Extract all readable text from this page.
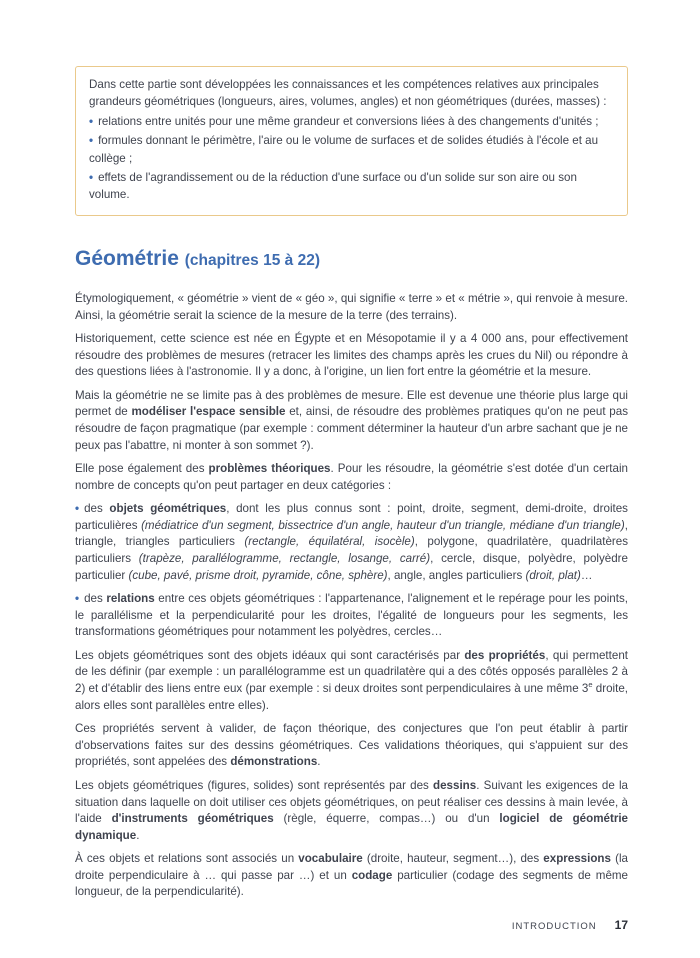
Dans cette partie sont développées les connaissances et les compétences relatives aux principales grandeurs géométriques (longueurs, aires, volumes, angles) et non géométriques (durées, masses) :

• relations entre unités pour une même grandeur et conversions liées à des changements d'unités ;

• formules donnant le périmètre, l'aire ou le volume de surfaces et de solides étudiés à l'école et au collège ;

• effets de l'agrandissement ou de la réduction d'une surface ou d'un solide sur son aire ou son volume.

Géométrie (chapitres 15 à 22)

Étymologiquement, « géométrie » vient de « géo », qui signifie « terre » et « métrie », qui renvoie à mesure. Ainsi, la géométrie serait la science de la mesure de la terre (des terrains).

Historiquement, cette science est née en Égypte et en Mésopotamie il y a 4 000 ans, pour effectivement résoudre des problèmes de mesures (retracer les limites des champs après les crues du Nil) ou répondre à des questions liées à l'astronomie. Il y a donc, à l'origine, un lien fort entre la géométrie et la mesure.

Mais la géométrie ne se limite pas à des problèmes de mesure. Elle est devenue une théorie plus large qui permet de modéliser l'espace sensible et, ainsi, de résoudre des problèmes pratiques qu'on ne peut pas résoudre de façon pragmatique (par exemple : comment déterminer la hauteur d'un arbre sachant que je ne peux pas l'abattre, ni monter à son sommet ?).

Elle pose également des problèmes théoriques. Pour les résoudre, la géométrie s'est dotée d'un certain nombre de concepts qu'on peut partager en deux catégories :

• des objets géométriques, dont les plus connus sont : point, droite, segment, demi-droite, droites particulières (médiatrice d'un segment, bissectrice d'un angle, hauteur d'un triangle, médiane d'un triangle), triangle, triangles particuliers (rectangle, équilatéral, isocèle), polygone, quadrilatère, quadrilatères particuliers (trapèze, parallélogramme, rectangle, losange, carré), cercle, disque, polyèdre, polyèdre particulier (cube, pavé, prisme droit, pyramide, cône, sphère), angle, angles particuliers (droit, plat)…

• des relations entre ces objets géométriques : l'appartenance, l'alignement et le repérage pour les points, le parallélisme et la perpendicularité pour les droites, l'égalité de longueurs pour les segments, les transformations géométriques pour notamment les polyèdres, cercles…

Les objets géométriques sont des objets idéaux qui sont caractérisés par des propriétés, qui permettent de les définir (par exemple : un parallélogramme est un quadrilatère qui a des côtés opposés parallèles 2 à 2) et d'établir des liens entre eux (par exemple : si deux droites sont perpendiculaires à une même 3e droite, alors elles sont parallèles entre elles).

Ces propriétés servent à valider, de façon théorique, des conjectures que l'on peut établir à partir d'observations faites sur des dessins géométriques. Ces validations théoriques, qui s'appuient sur des propriétés, sont appelées des démonstrations.

Les objets géométriques (figures, solides) sont représentés par des dessins. Suivant les exigences de la situation dans laquelle on doit utiliser ces objets géométriques, on peut réaliser ces dessins à main levée, à l'aide d'instruments géométriques (règle, équerre, compas…) ou d'un logiciel de géométrie dynamique.

À ces objets et relations sont associés un vocabulaire (droite, hauteur, segment…), des expressions (la droite perpendiculaire à … qui passe par …) et un codage particulier (codage des segments de même longueur, de la perpendicularité).

INTRODUCTION 17
